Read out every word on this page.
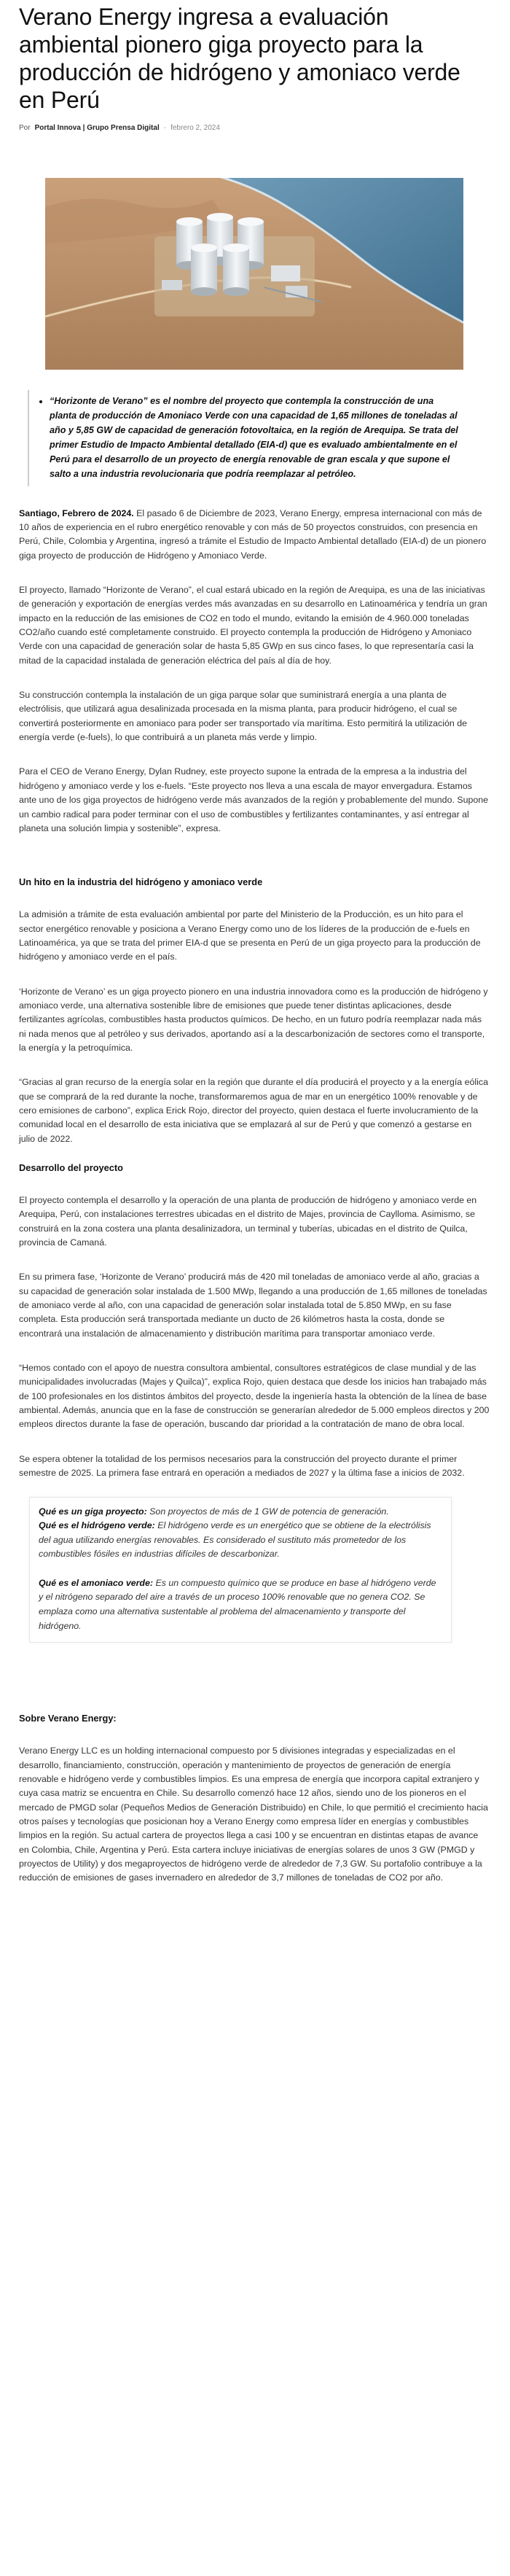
Verano Energy ingresa a evaluación ambiental pionero giga proyecto para la producción de hidrógeno y amoniaco verde en Perú
Por Portal Innova | Grupo Prensa Digital - febrero 2, 2024
• “Horizonte de Verano” es el nombre del proyecto que contempla la construcción de una planta de producción de Amoniaco Verde con una capacidad de 1,65 millones de toneladas al año y 5,85 GW de capacidad de generación fotovoltaica, en la región de Arequipa. Se trata del primer Estudio de Impacto Ambiental detallado (EIA-d) que es evaluado ambientalmente en el Perú para el desarrollo de un proyecto de energía renovable de gran escala y que supone el salto a una industria revolucionaria que podría reemplazar al petróleo.

Santiago, Febrero de 2024. El pasado 6 de Diciembre de 2023, Verano Energy, empresa internacional con más de 10 años de experiencia en el rubro energético renovable y con más de 50 proyectos construidos, con presencia en Perú, Chile, Colombia y Argentina, ingresó a trámite el Estudio de Impacto Ambiental detallado (EIA-d) de un pionero giga proyecto de producción de Hidrógeno y Amoniaco Verde.

El proyecto, llamado “Horizonte de Verano”, el cual estará ubicado en la región de Arequipa, es una de las iniciativas de generación y exportación de energías verdes más avanzadas en su desarrollo en Latinoamérica y tendría un gran impacto en la reducción de las emisiones de CO2 en todo el mundo, evitando la emisión de 4.960.000 toneladas CO2/año cuando esté completamente construido. El proyecto contempla la producción de Hidrógeno y Amoniaco Verde con una capacidad de generación solar de hasta 5,85 GWp en sus cinco fases, lo que representaría casi la mitad de la capacidad instalada de generación eléctrica del país al día de hoy.

Su construcción contempla la instalación de un giga parque solar que suministrará energía a una planta de electrólisis, que utilizará agua desalinizada procesada en la misma planta, para producir hidrógeno, el cual se convertirá posteriormente en amoniaco para poder ser transportado vía marítima. Esto permitirá la utilización de energía verde (e-fuels), lo que contribuirá a un planeta más verde y limpio.

Para el CEO de Verano Energy, Dylan Rudney, este proyecto supone la entrada de la empresa a la industria del hidrógeno y amoniaco verde y los e-fuels. “Este proyecto nos lleva a una escala de mayor envergadura. Estamos ante uno de los giga proyectos de hidrógeno verde más avanzados de la región y probablemente del mundo. Supone un cambio radical para poder terminar con el uso de combustibles y fertilizantes contaminantes, y así entregar al planeta una solución limpia y sostenible”, expresa.

Un hito en la industria del hidrógeno y amoniaco verde

La admisión a trámite de esta evaluación ambiental por parte del Ministerio de la Producción, es un hito para el sector energético renovable y posiciona a Verano Energy como uno de los líderes de la producción de e-fuels en Latinoamérica, ya que se trata del primer EIA-d que se presenta en Perú de un giga proyecto para la producción de hidrógeno y amoniaco verde en el país.

‘Horizonte de Verano’ es un giga proyecto pionero en una industria innovadora como es la producción de hidrógeno y amoniaco verde, una alternativa sostenible libre de emisiones que puede tener distintas aplicaciones, desde fertilizantes agrícolas, combustibles hasta productos químicos. De hecho, en un futuro podría reemplazar nada más ni nada menos que al petróleo y sus derivados, aportando así a la descarbonización de sectores como el transporte, la energía y la petroquímica.

“Gracias al gran recurso de la energía solar en la región que durante el día producirá el proyecto y a la energía eólica que se comprará de la red durante la noche, transformaremos agua de mar en un energético 100% renovable y de cero emisiones de carbono”, explica Erick Rojo, director del proyecto, quien destaca el fuerte involucramiento de la comunidad local en el desarrollo de esta iniciativa que se emplazará al sur de Perú y que comenzó a gestarse en julio de 2022.

Desarrollo del proyecto

El proyecto contempla el desarrollo y la operación de una planta de producción de hidrógeno y amoniaco verde en Arequipa, Perú, con instalaciones terrestres ubicadas en el distrito de Majes, provincia de Caylloma. Asimismo, se construirá en la zona costera una planta desalinizadora, un terminal y tuberías, ubicadas en el distrito de Quilca, provincia de Camaná.

En su primera fase, ‘Horizonte de Verano’ producirá más de 420 mil toneladas de amoniaco verde al año, gracias a su capacidad de generación solar instalada de 1.500 MWp, llegando a una producción de 1,65 millones de toneladas de amoniaco verde al año, con una capacidad de generación solar instalada total de 5.850 MWp, en su fase completa. Esta producción será transportada mediante un ducto de 26 kilómetros hasta la costa, donde se encontrará una instalación de almacenamiento y distribución marítima para transportar amoniaco verde.

“Hemos contado con el apoyo de nuestra consultora ambiental, consultores estratégicos de clase mundial y de las municipalidades involucradas (Majes y Quilca)”, explica Rojo, quien destaca que desde los inicios han trabajado más de 100 profesionales en los distintos ámbitos del proyecto, desde la ingeniería hasta la obtención de la línea de base ambiental. Además, anuncia que en la fase de construcción se generarían alrededor de 5.000 empleos directos y 200 empleos directos durante la fase de operación, buscando dar prioridad a la contratación de mano de obra local.

Se espera obtener la totalidad de los permisos necesarios para la construcción del proyecto durante el primer semestre de 2025. La primera fase entrará en operación a mediados de 2027 y la última fase a inicios de 2032.

Qué es un giga proyecto: Son proyectos de más de 1 GW de potencia de generación.

Qué es el hidrógeno verde: El hidrógeno verde es un energético que se obtiene de la electrólisis del agua utilizando energías renovables. Es considerado el sustituto más prometedor de los combustibles fósiles en industrias difíciles de descarbonizar.

Qué es el amoniaco verde: Es un compuesto químico que se produce en base al hidrógeno verde y el nitrógeno separado del aire a través de un proceso 100% renovable que no genera CO2. Se emplaza como una alternativa sustentable al problema del almacenamiento y transporte del hidrógeno.

Sobre Verano Energy:

Verano Energy LLC es un holding internacional compuesto por 5 divisiones integradas y especializadas en el desarrollo, financiamiento, construcción, operación y mantenimiento de proyectos de generación de energía renovable e hidrógeno verde y combustibles limpios. Es una empresa de energía que incorpora capital extranjero y cuya casa matriz se encuentra en Chile. Su desarrollo comenzó hace 12 años, siendo uno de los pioneros en el mercado de PMGD solar (Pequeños Medios de Generación Distribuido) en Chile, lo que permitió el crecimiento hacia otros países y tecnologías que posicionan hoy a Verano Energy como empresa líder en energías y combustibles limpios en la región. Su actual cartera de proyectos llega a casi 100 y se encuentran en distintas etapas de avance en Colombia, Chile, Argentina y Perú. Esta cartera incluye iniciativas de energías solares de unos 3 GW (PMGD y proyectos de Utility) y dos megaproyectos de hidrógeno verde de alrededor de 7,3 GW. Su portafolio contribuye a la reducción de emisiones de gases invernadero en alrededor de 3,7 millones de toneladas de CO2 por año.
